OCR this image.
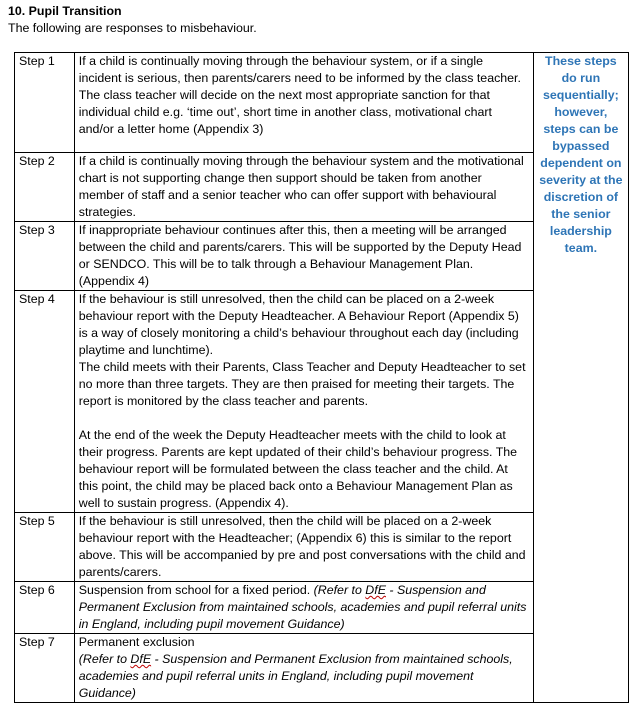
10. Pupil Transition
The following are responses to misbehaviour.
Step 1	If a child is continually moving through the behaviour system, or if a single incident is serious, then parents/carers need to be informed by the class teacher.

The class teacher will decide on the next most appropriate sanction for that individual child e.g. ‘time out’, short time in another class, motivational chart and/or a letter home (Appendix 3)	These steps do run sequentially; however, steps can be bypassed dependent on severity at the discretion of the senior leadership team.
Step 2	If a child is continually moving through the behaviour system and the motivational chart is not supporting change then support should be taken from another member of staff and a senior teacher who can offer support with behavioural strategies.	

Step 3	If inappropriate behaviour continues after this, then a meeting will be arranged between the child and parents/carers. This will be supported by the Deputy Head or SENDCO. This will be to talk through a Behaviour Management Plan. (Appendix 4)	

Step 4	If the behaviour is still unresolved, then the child can be placed on a 2-week behaviour report with the Deputy Headteacher. A Behaviour Report (Appendix 5) is a way of closely monitoring a child’s behaviour throughout each day (including playtime and lunchtime).

The child meets with their Parents, Class Teacher and Deputy Headteacher to set no more than three targets. They are then praised for meeting their targets. The report is monitored by the class teacher and parents.

At the end of the week the Deputy Headteacher meets with the child to look at their progress. Parents are kept updated of their child’s behaviour progress. The behaviour report will be formulated between the class teacher and the child. At this point, the child may be placed back onto a Behaviour Management Plan as well to sustain progress. (Appendix 4).	

Step 5	If the behaviour is still unresolved, then the child will be placed on a 2-week behaviour report with the Headteacher; (Appendix 6) this is similar to the report above. This will be accompanied by pre and post conversations with the child and parents/carers.	

Step 6	Suspension from school for a fixed period. (Refer to DfE - Suspension and Permanent Exclusion from maintained schools, academies and pupil referral units in England, including pupil movement Guidance)	

Step 7	Permanent exclusion

(Refer to DfE - Suspension and Permanent Exclusion from maintained schools, academies and pupil referral units in England, including pupil movement Guidance)	
